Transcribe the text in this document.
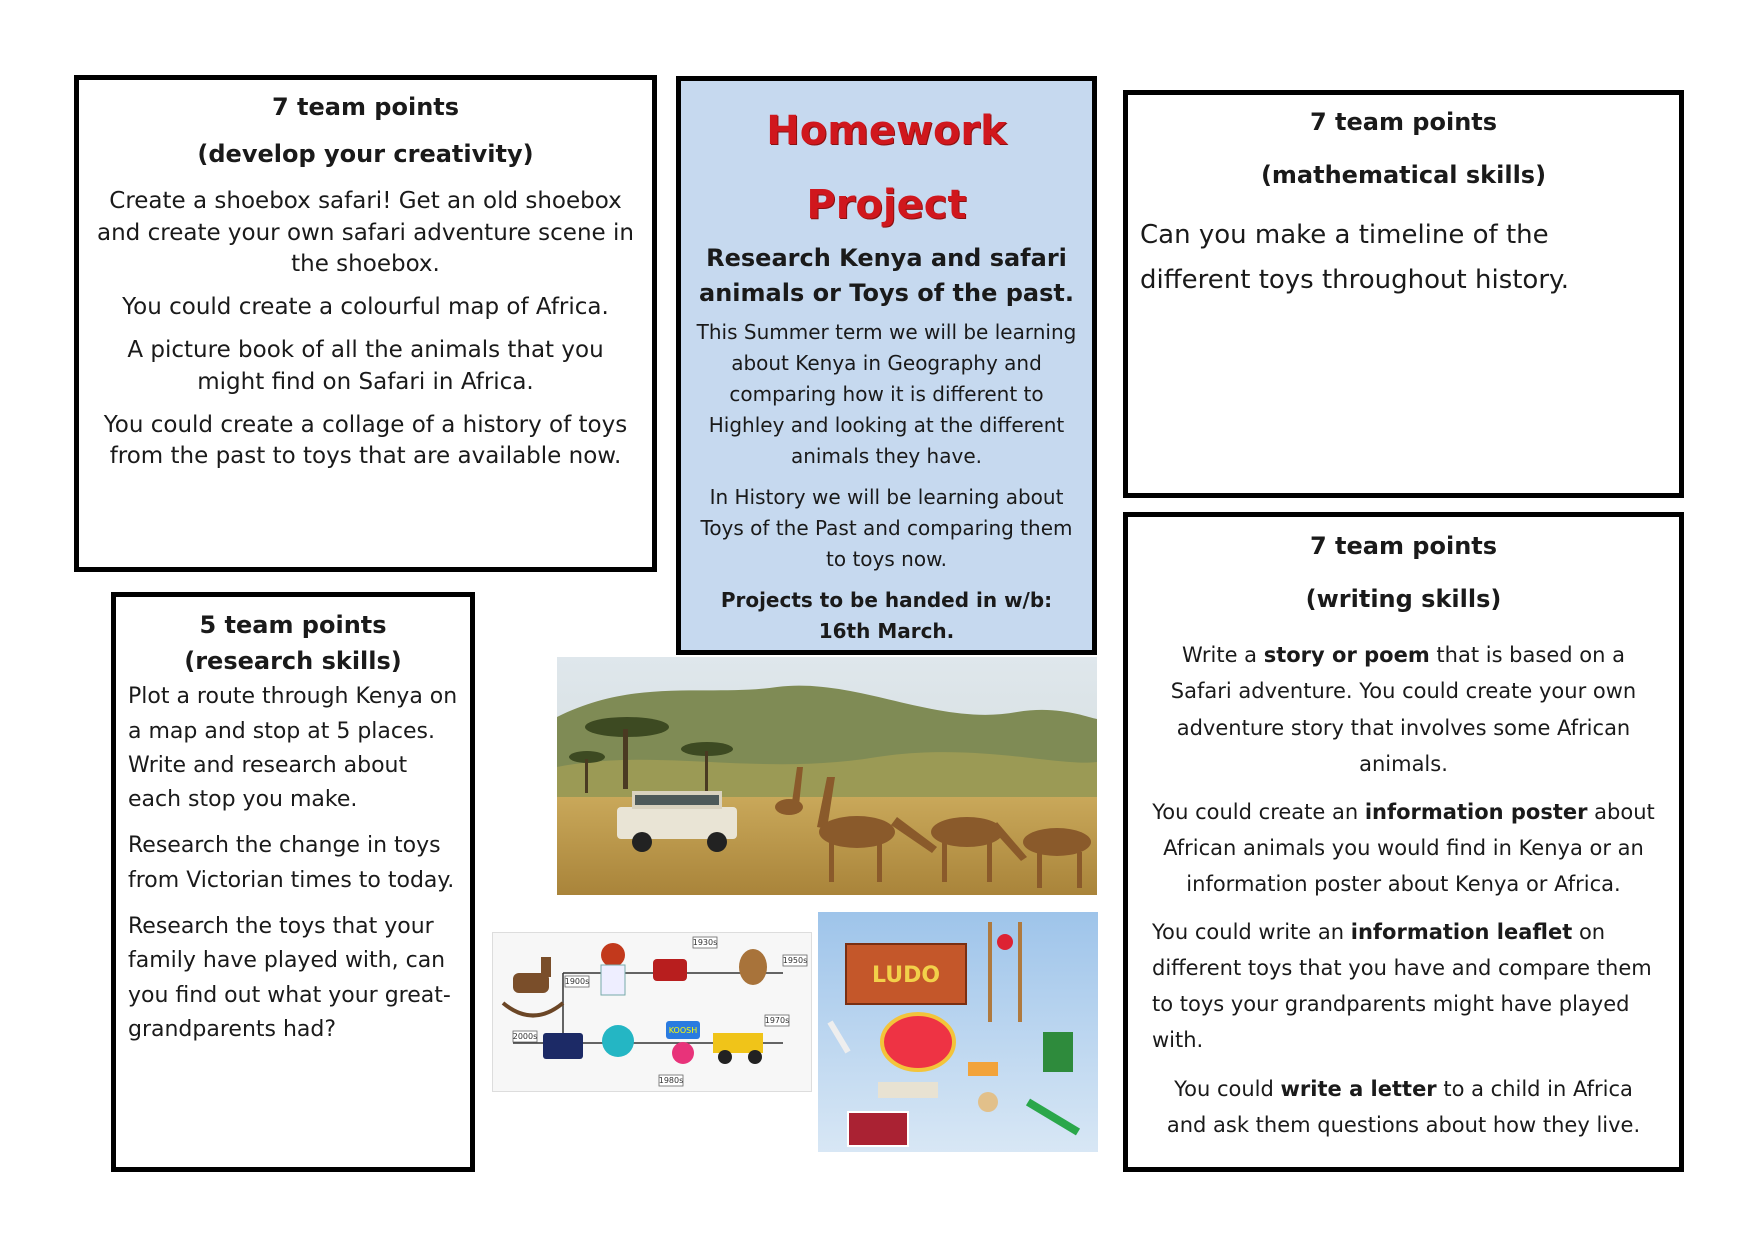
7 team points
(develop your creativity)

Create a shoebox safari! Get an old shoebox and create your own safari adventure scene in the shoebox.

You could create a colourful map of Africa.

A picture book of all the animals that you might find on Safari in Africa.

You could create a collage of a history of toys from the past to toys that are available now.

Homework
Project
Research Kenya and safari animals or Toys of the past.

This Summer term we will be learning about Kenya in Geography and comparing how it is different to Highley and looking at the different animals they have.

In History we will be learning about Toys of the Past and comparing them to toys now.

Projects to be handed in w/b: 16th March.

7 team points
(mathematical skills)

Can you make a timeline of the different toys throughout history.

5 team points
(research skills)

Plot a route through Kenya on a map and stop at 5 places. Write and research about each stop you make.

Research the change in toys from Victorian times to today.

Research the toys that your family have played with, can you find out what your great-grandparents had?

7 team points
(writing skills)

Write a story or poem that is based on a Safari adventure. You could create your own adventure story that involves some African animals.

You could create an information poster about African animals you would find in Kenya or an information poster about Kenya or Africa.

You could write an information leaflet on different toys that you have and compare them to toys your grandparents might have played with.

You could write a letter to a child in Africa and ask them questions about how they live.

KOOSH
1900s
1930s
1950s
1970s
1980s
2000s
LUDO
